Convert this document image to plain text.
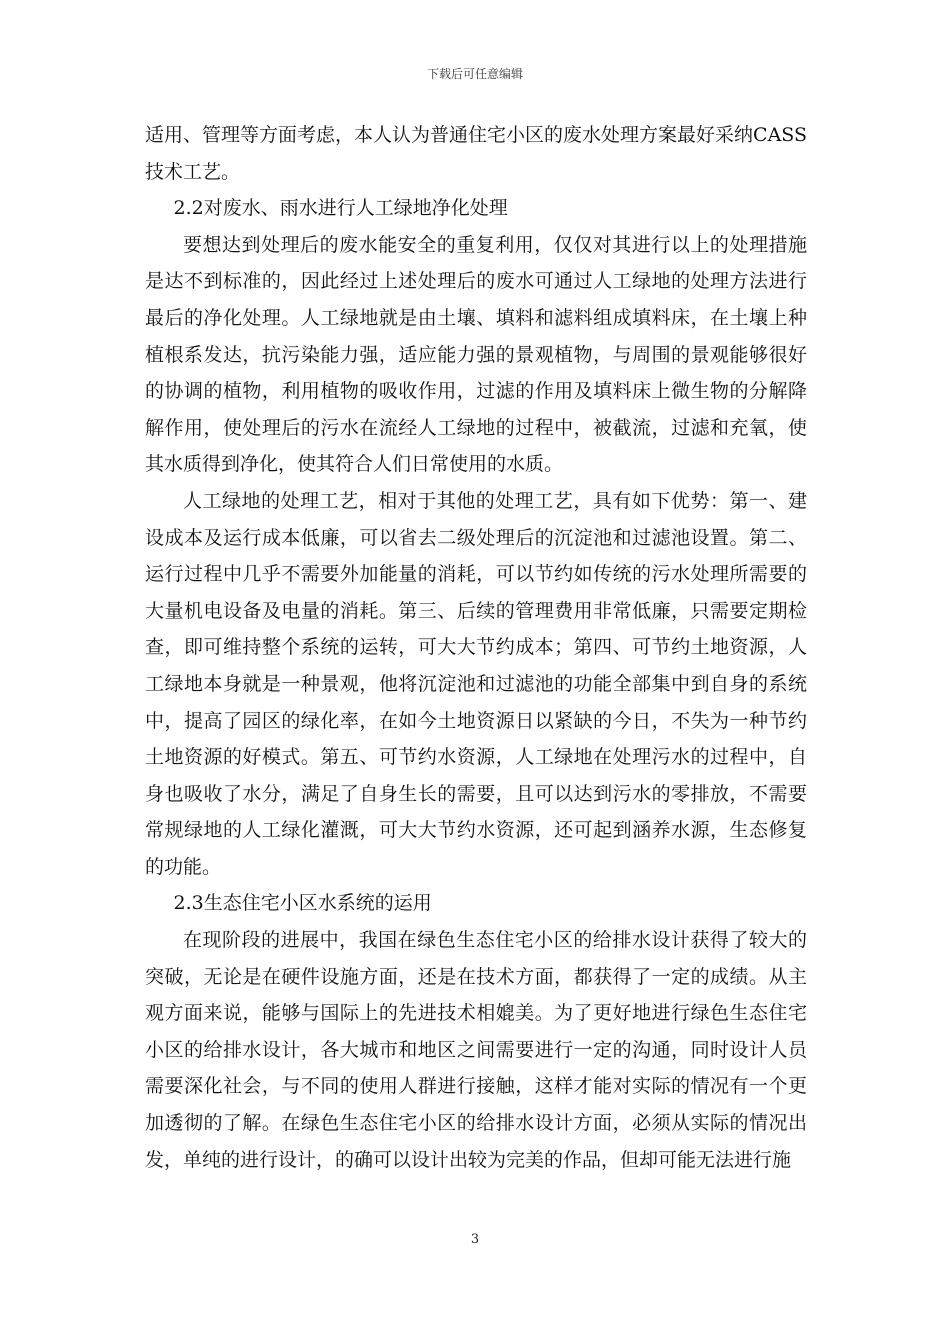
下载后可任意编辑

适用、管理等方面考虑，本人认为普通住宅小区的废水处理方案最好采纳CASS技术工艺。

2.2对废水、雨水进行人工绿地净化处理

要想达到处理后的废水能安全的重复利用，仅仅对其进行以上的处理措施是达不到标准的，因此经过上述处理后的废水可通过人工绿地的处理方法进行最后的净化处理。人工绿地就是由土壤、填料和滤料组成填料床，在土壤上种植根系发达，抗污染能力强，适应能力强的景观植物，与周围的景观能够很好的协调的植物，利用植物的吸收作用，过滤的作用及填料床上微生物的分解降解作用，使处理后的污水在流经人工绿地的过程中，被截流，过滤和充氧，使其水质得到净化，使其符合人们日常使用的水质。

人工绿地的处理工艺，相对于其他的处理工艺，具有如下优势：第一、建设成本及运行成本低廉，可以省去二级处理后的沉淀池和过滤池设置。第二、运行过程中几乎不需要外加能量的消耗，可以节约如传统的污水处理所需要的大量机电设备及电量的消耗。第三、后续的管理费用非常低廉，只需要定期检查，即可维持整个系统的运转，可大大节约成本；第四、可节约土地资源，人工绿地本身就是一种景观，他将沉淀池和过滤池的功能全部集中到自身的系统中，提高了园区的绿化率，在如今土地资源日以紧缺的今日，不失为一种节约土地资源的好模式。第五、可节约水资源，人工绿地在处理污水的过程中，自身也吸收了水分，满足了自身生长的需要，且可以达到污水的零排放，不需要常规绿地的人工绿化灌溉，可大大节约水资源，还可起到涵养水源，生态修复的功能。

2.3生态住宅小区水系统的运用

在现阶段的进展中，我国在绿色生态住宅小区的给排水设计获得了较大的突破，无论是在硬件设施方面，还是在技术方面，都获得了一定的成绩。从主观方面来说，能够与国际上的先进技术相媲美。为了更好地进行绿色生态住宅小区的给排水设计，各大城市和地区之间需要进行一定的沟通，同时设计人员需要深化社会，与不同的使用人群进行接触，这样才能对实际的情况有一个更加透彻的了解。在绿色生态住宅小区的给排水设计方面，必须从实际的情况出发，单纯的进行设计，的确可以设计出较为完美的作品，但却可能无法进行施

3
